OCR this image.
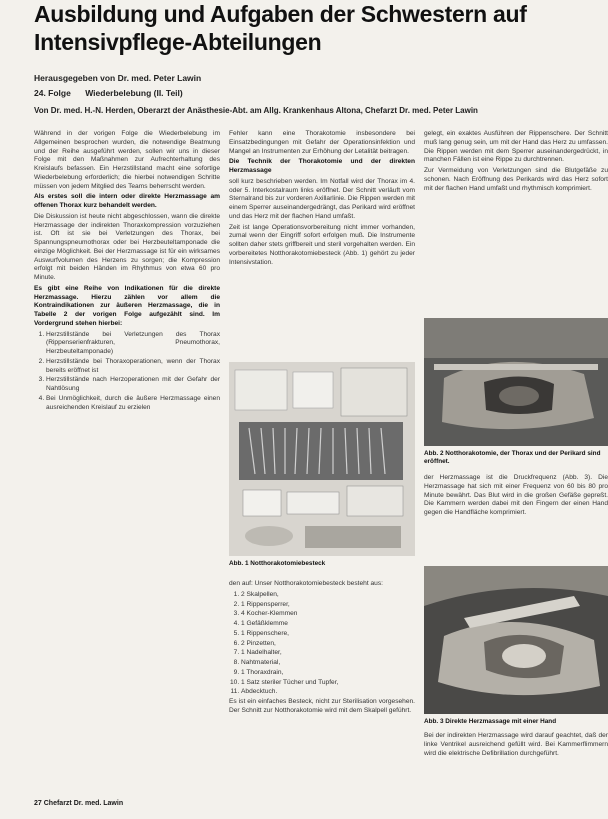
Ausbildung und Aufgaben der Schwestern auf Intensivpflege-Abteilungen
Herausgegeben von Dr. med. Peter Lawin
24. Folge Wiederbelebung (II. Teil)
Von Dr. med. H.-N. Herden, Oberarzt der Anästhesie-Abt. am Allg. Krankenhaus Altona, Chefarzt Dr. med. Peter Lawin

Während in der vorigen Folge die Wiederbelebung im Allgemeinen besprochen wurden, die notwendige Beatmung und der Reihe ausgeführt werden, sollen wir uns in dieser Folge mit den Maßnahmen zur Aufrechterhaltung des Kreislaufs befassen. Ein Herzstillstand macht eine sofortige Wiederbelebung erforderlich; die hierbei notwendigen Schritte müssen von jedem Mitglied des Teams beherrscht werden.

Als erstes soll die intern oder direkte Herzmassage am offenen Thorax kurz behandelt werden.

Die Diskussion ist heute nicht abgeschlossen, wann die direkte Herzmassage der indirekten Thoraxkompression vorzuziehen ist. Oft ist sie bei Verletzungen des Thorax, bei Spannungspneumothorax oder bei Herzbeuteltamponade die einzige Möglichkeit. Bei der Herzmassage ist für ein wirksames Auswurfvolumen des Herzens zu sorgen; die Kompression erfolgt mit beiden Händen im Rhythmus von etwa 60 pro Minute.

Es gibt eine Reihe von Indikationen für die direkte Herzmassage. Hierzu zählen vor allem die Kontraindikationen zur äußeren Herzmassage, die in Tabelle 2 der vorigen Folge aufgezählt sind. Im Vordergrund stehen hierbei:

1. Herzstillstände bei Verletzungen des Thorax (Rippenserienfrakturen, Pneumothorax, Herzbeuteltamponade)
2. Herzstillstände bei Thoraxoperationen, wenn der Thorax bereits eröffnet ist
3. Herzstillstände nach Herzoperationen mit der Gefahr der Nahtlösung
4. Bei Unmöglichkeit, durch die äußere Herzmassage einen ausreichenden Kreislauf zu erzielen

Fehler kann eine Thorakotomie insbesondere bei Einsatzbedingungen mit Gefahr der Operationsinfektion und Mangel an Instrumenten zur Erhöhung der Letalität beitragen.

Die Technik der Thorakotomie und der direkten Herzmassage

soll kurz beschrieben werden. Im Notfall wird der Thorax im 4. oder 5. Interkostalraum links eröffnet. Der Schnitt verläuft vom Sternalrand bis zur vorderen Axillarlinie. Die Rippen werden mit einem Sperrer auseinandergedrängt, das Perikard wird eröffnet und das Herz mit der flachen Hand umfaßt.

Zeit ist lange Operationsvorbereitung nicht immer vorhanden, zumal wenn der Eingriff sofort erfolgen muß. Die Instrumente sollten daher stets griffbereit und steril vorgehalten werden. Ein vorbereitetes Notthorakotomiebesteck (Abb. 1) gehört zu jeder Intensivstation.

Abb. 1 Notthorakotomiebesteck

den auf: Unser Notthorakotomiebesteck besteht aus:

1. 2 Skalpellen,
2. 1 Rippensperrer,
3. 4 Kocher-Klemmen
4. 1 Gefäßklemme
5. 1 Rippenschere,
6. 2 Pinzetten,
7. 1 Nadelhalter,
8. Nahtmaterial,
9. 1 Thoraxdrain,
10. 1 Satz steriler Tücher und Tupfer,
11. Abdecktuch.

Es ist ein einfaches Besteck, nicht zur Sterilisation vorgesehen. Der Schnitt zur Notthorakotomie wird mit dem Skalpell geführt.

gelegt, ein exaktes Ausführen der Rippenschere. Der Schnitt muß lang genug sein, um mit der Hand das Herz zu umfassen. Die Rippen werden mit dem Sperrer auseinandergedrückt, in manchen Fällen ist eine Rippe zu durchtrennen.

Zur Vermeidung von Verletzungen sind die Blutgefäße zu schonen. Nach Eröffnung des Perikards wird das Herz sofort mit der flachen Hand umfaßt und rhythmisch komprimiert.

Abb. 2 Notthorakotomie, der Thorax und der Perikard sind eröffnet.

der Herzmassage ist die Druckfrequenz (Abb. 3). Die Herzmassage hat sich mit einer Frequenz von 60 bis 80 pro Minute bewährt. Das Blut wird in die großen Gefäße gepreßt. Die Kammern werden dabei mit den Fingern der einen Hand gegen die Handfläche komprimiert.

Abb. 3 Direkte Herzmassage mit einer Hand

Bei der indirekten Herzmassage wird darauf geachtet, daß der linke Ventrikel ausreichend gefüllt wird. Bei Kammerflimmern wird die elektrische Defibrillation durchgeführt.

27 Chefarzt Dr. med. Lawin
